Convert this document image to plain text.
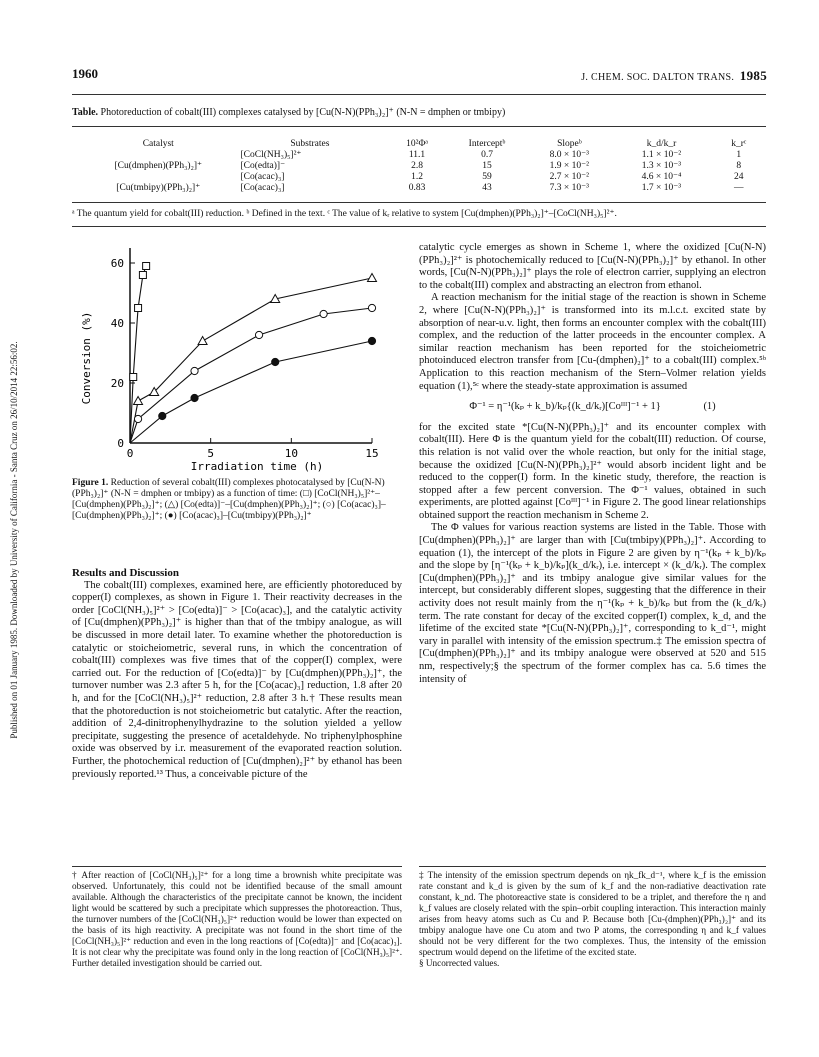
1960	J. CHEM. SOC. DALTON TRANS. 1985
Published on 01 January 1985. Downloaded by University of California - Santa Cruz on 26/10/2014 22:56:02.
Table. Photoreduction of cobalt(III) complexes catalysed by [Cu(N-N)(PPh₃)₂]⁺ (N-N = dmphen or tmbipy)
Catalyst	Substrates	10²Φᵃ	Interceptᵇ	Slopeᵇ	k_d/k_r	k_rᶜ
	[CoCl(NH₃)₅]²⁺	11.1	0.7	8.0 × 10⁻³	1.1 × 10⁻²	1
[Cu(dmphen)(PPh₃)₂]⁺	[Co(edta)]⁻	2.8	15	1.9 × 10⁻²	1.3 × 10⁻³	8
	[Co(acac)₃]	1.2	59	2.7 × 10⁻²	4.6 × 10⁻⁴	24
[Cu(tmbipy)(PPh₃)₂]⁺	[Co(acac)₃]	0.83	43	7.3 × 10⁻³	1.7 × 10⁻³	—
ᵃ The quantum yield for cobalt(III) reduction. ᵇ Defined in the text. ᶜ The value of kᵣ relative to system [Cu(dmphen)(PPh₃)₂]⁺–[CoCl(NH₃)₅]²⁺.
0	5	10	15
0
20
40
60
Irradiation time (h)
Conversion (%)
Figure 1. Reduction of several cobalt(III) complexes photocatalysed by [Cu(N-N)(PPh₃)₂]⁺ (N-N = dmphen or tmbipy) as a function of time: (□) [CoCl(NH₃)₅]²⁺–[Cu(dmphen)(PPh₃)₂]⁺; (△) [Co(edta)]⁻–[Cu(dmphen)(PPh₃)₂]⁺; (○) [Co(acac)₃]–[Cu(dmphen)(PPh₃)₂]⁺; (●) [Co(acac)₃]–[Cu(tmbipy)(PPh₃)₂]⁺
Results and Discussion

The cobalt(III) complexes, examined here, are efficiently photoreduced by copper(I) complexes, as shown in Figure 1. Their reactivity decreases in the order [CoCl(NH₃)₅]²⁺ > [Co(edta)]⁻ > [Co(acac)₃], and the catalytic activity of [Cu(dmphen)(PPh₃)₂]⁺ is higher than that of the tmbipy analogue, as will be discussed in more detail later. To examine whether the photoreduction is catalytic or stoicheiometric, several runs, in which the concentration of cobalt(III) complexes was five times that of the copper(I) complex, were carried out. For the reduction of [Co(edta)]⁻ by [Cu(dmphen)(PPh₃)₂]⁺, the turnover number was 2.3 after 5 h, for the [Co(acac)₃] reduction, 1.8 after 20 h, and for the [CoCl(NH₃)₅]²⁺ reduction, 2.8 after 3 h.† These results mean that the photoreduction is not stoicheiometric but catalytic. After the reaction, addition of 2,4-dinitrophenylhydrazine to the solution yielded a yellow precipitate, suggesting the presence of acetaldehyde. No triphenylphosphine oxide was observed by i.r. measurement of the evaporated reaction solution. Further, the photochemical reduction of [Cu(dmphen)₂]²⁺ by ethanol has been previously reported.¹³ Thus, a conceivable picture of the

catalytic cycle emerges as shown in Scheme 1, where the oxidized [Cu(N-N)(PPh₃)₂]²⁺ is photochemically reduced to [Cu(N-N)(PPh₃)₂]⁺ by ethanol. In other words, [Cu(N-N)(PPh₃)₂]⁺ plays the role of electron carrier, supplying an electron to the cobalt(III) complex and abstracting an electron from ethanol.

A reaction mechanism for the initial stage of the reaction is shown in Scheme 2, where [Cu(N-N)(PPh₃)₂]⁺ is transformed into its m.l.c.t. excited state by absorption of near-u.v. light, then forms an encounter complex with the cobalt(III) complex, and the reduction of the latter proceeds in the encounter complex. A similar reaction mechanism has been reported for the stoicheiometric photoinduced electron transfer from [Cu-(dmphen)₂]⁺ to a cobalt(III) complex.⁵ᵇ Application to this reaction mechanism of the Stern–Volmer relation yields equation (1),⁵ᶜ where the steady-state approximation is assumed

Φ⁻¹ = η⁻¹(kₚ + k_b)/kₚ{(k_d/kᵣ)[Coᴵᴵᴵ]⁻¹ + 1}	(1)

for the excited state *[Cu(N-N)(PPh₃)₂]⁺ and its encounter complex with cobalt(III). Here Φ is the quantum yield for the cobalt(III) reduction. Of course, this relation is not valid over the whole reaction, but only for the initial stage, because the oxidized [Cu(N-N)(PPh₃)₂]²⁺ would absorb incident light and be reduced to the copper(I) form. In the kinetic study, therefore, the reaction is stopped after a few percent conversion. The Φ⁻¹ values, obtained in such experiments, are plotted against [Coᴵᴵᴵ]⁻¹ in Figure 2. The good linear relationships obtained support the reaction mechanism in Scheme 2.

The Φ values for various reaction systems are listed in the Table. Those with [Cu(dmphen)(PPh₃)₂]⁺ are larger than with [Cu(tmbipy)(PPh₃)₂]⁺. According to equation (1), the intercept of the plots in Figure 2 are given by η⁻¹(kₚ + k_b)/kₚ and the slope by [η⁻¹(kₚ + k_b)/kₚ](k_d/kᵣ), i.e. intercept × (k_d/kᵣ). The complex [Cu(dmphen)(PPh₃)₂]⁺ and its tmbipy analogue give similar values for the intercept, but considerably different slopes, suggesting that the difference in their activity does not result mainly from the η⁻¹(kₚ + k_b)/kₚ but from the (k_d/kᵣ) term. The rate constant for decay of the excited copper(I) complex, k_d, and the lifetime of the excited state *[Cu(N-N)(PPh₃)₂]⁺, corresponding to k_d⁻¹, might vary in parallel with intensity of the emission spectrum.‡ The emission spectra of [Cu(dmphen)(PPh₃)₂]⁺ and its tmbipy analogue were observed at 520 and 515 nm, respectively;§ the spectrum of the former complex has ca. 5.6 times the intensity of

† After reaction of [CoCl(NH₃)₅]²⁺ for a long time a brownish white precipitate was observed. Unfortunately, this could not be identified because of the small amount available. Although the characteristics of the precipitate cannot be known, the incident light would be scattered by such a precipitate which suppresses the photoreaction. Thus, the turnover numbers of the [CoCl(NH₃)₅]²⁺ reduction would be lower than expected on the basis of its high reactivity. A precipitate was not found in the short time of the [CoCl(NH₃)₅]²⁺ reduction and even in the long reactions of [Co(edta)]⁻ and [Co(acac)₃]. It is not clear why the precipitate was found only in the long reaction of [CoCl(NH₃)₅]²⁺. Further detailed investigation should be carried out.
‡ The intensity of the emission spectrum depends on ηk_fk_d⁻¹, where k_f is the emission rate constant and k_d is given by the sum of k_f and the non-radiative deactivation rate constant, k_nd. The photoreactive state is considered to be a triplet, and therefore the η and k_f values are closely related with the spin–orbit coupling interaction. This interaction mainly arises from heavy atoms such as Cu and P. Because both [Cu-(dmphen)(PPh₃)₂]⁺ and its tmbipy analogue have one Cu atom and two P atoms, the corresponding η and k_f values should not be very different for the two complexes. Thus, the intensity of the emission spectrum would depend on the lifetime of the excited state.
§ Uncorrected values.
